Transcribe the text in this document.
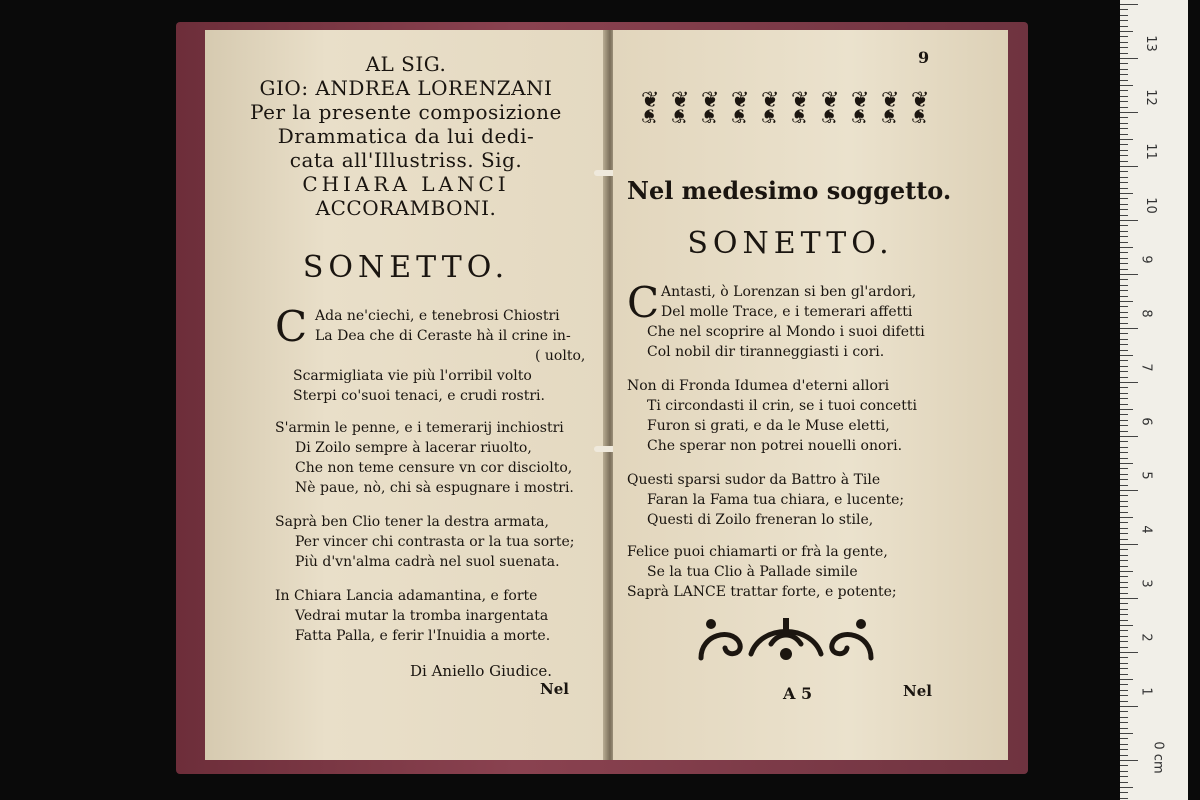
AL SIG.
GIO: ANDREA LORENZANI
Per la presente composizione
Drammatica da lui dedi-
cata all'Illustriss. Sig.
CHIARA LANCI
ACCORAMBONI.
SONETTO.
C Ada ne'ciechi, e tenebrosi Chiostri
La Dea che di Ceraste hà il crine in-
( uolto,
Scarmigliata vie più l'orribil volto
Sterpi co'suoi tenaci, e crudi rostri.
S'armin le penne, e i temerarij inchiostri
Di Zoilo sempre à lacerar riuolto,
Che non teme censure vn cor disciolto,
Nè paue, nò, chi sà espugnare i mostri.
Saprà ben Clio tener la destra armata,
Per vincer chi contrasta or la tua sorte;
Più d'vn'alma cadrà nel suol suenata.
In Chiara Lancia adamantina, e forte
Vedrai mutar la tromba inargentata
Fatta Palla, e ferir l'Inuidia a morte.
Di Aniello Giudice.
Nel
9
❦ ❦
❦ ❦
❦ ❦
❦ ❦
❦ ❦
❦ ❦
❦ ❦
❦ ❦
❦ ❦
❦ ❦
Nel medesimo soggetto.
SONETTO.
C Antasti, ò Lorenzan si ben gl'ardori,
Del molle Trace, e i temerari affetti
Che nel scoprire al Mondo i suoi difetti
Col nobil dir tiranneggiasti i cori.
Non di Fronda Idumea d'eterni allori
Ti circondasti il crin, se i tuoi concetti
Furon si grati, e da le Muse eletti,
Che sperar non potrei nouelli onori.
Questi sparsi sudor da Battro à Tile
Faran la Fama tua chiara, e lucente;
Questi di Zoilo freneran lo stile,
Felice puoi chiamarti or frà la gente,
Se la tua Clio à Pallade simile
Saprà LANCE trattar forte, e potente;
A 5	Nel
13
12
11
10
9
8
7
6
5
4
3
2
1
0 cm
